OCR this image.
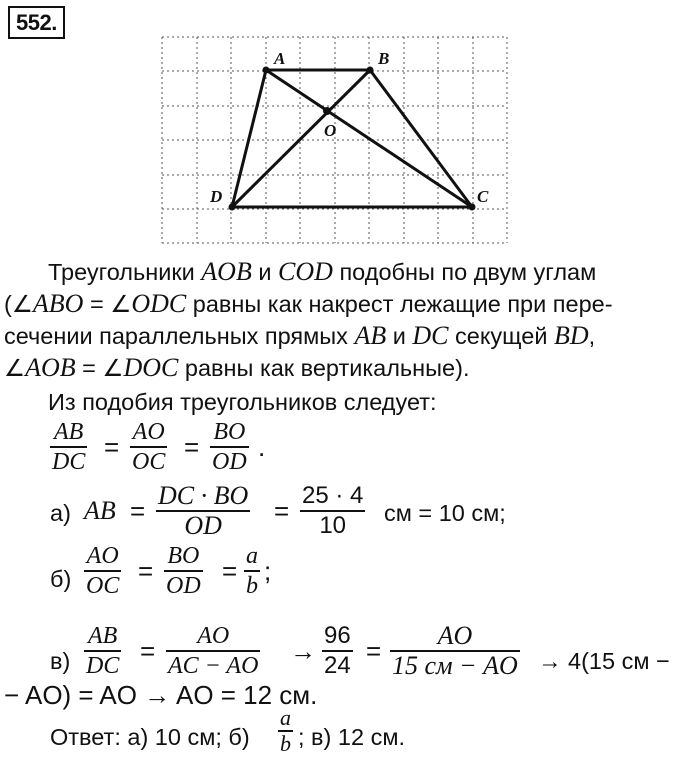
552.
A	B
C
D
O
Треугольники AOB и COD подобны по двум углам
(∠ABO = ∠ODC равны как накрест лежащие при пере-
сечении параллельных прямых AB и DC секущей BD,
∠AOB = ∠DOC равны как вертикальные).
Из подобия треугольников следует:
$\frac{AB}{DC} = \frac{AO}{OC} = \frac{BO}{OD}$ .
а) AB = $\frac{DC \cdot BO}{OD} = \frac{25 \cdot 4}{10}$ см = 10 см;
$б) \frac{AO}{OC} = \frac{BO}{OD} = \frac{a}{b}$ ;
$в) \frac{AB}{DC} = \frac{AO}{AC - AO} \to \frac{96}{24}$ =
AO
15 см − AO → 4(15 см −
− AO) = AO → AO = 12 см.
Ответ: а) 10 см; $б) \frac{a}{b}$ ; в) 12 см.
